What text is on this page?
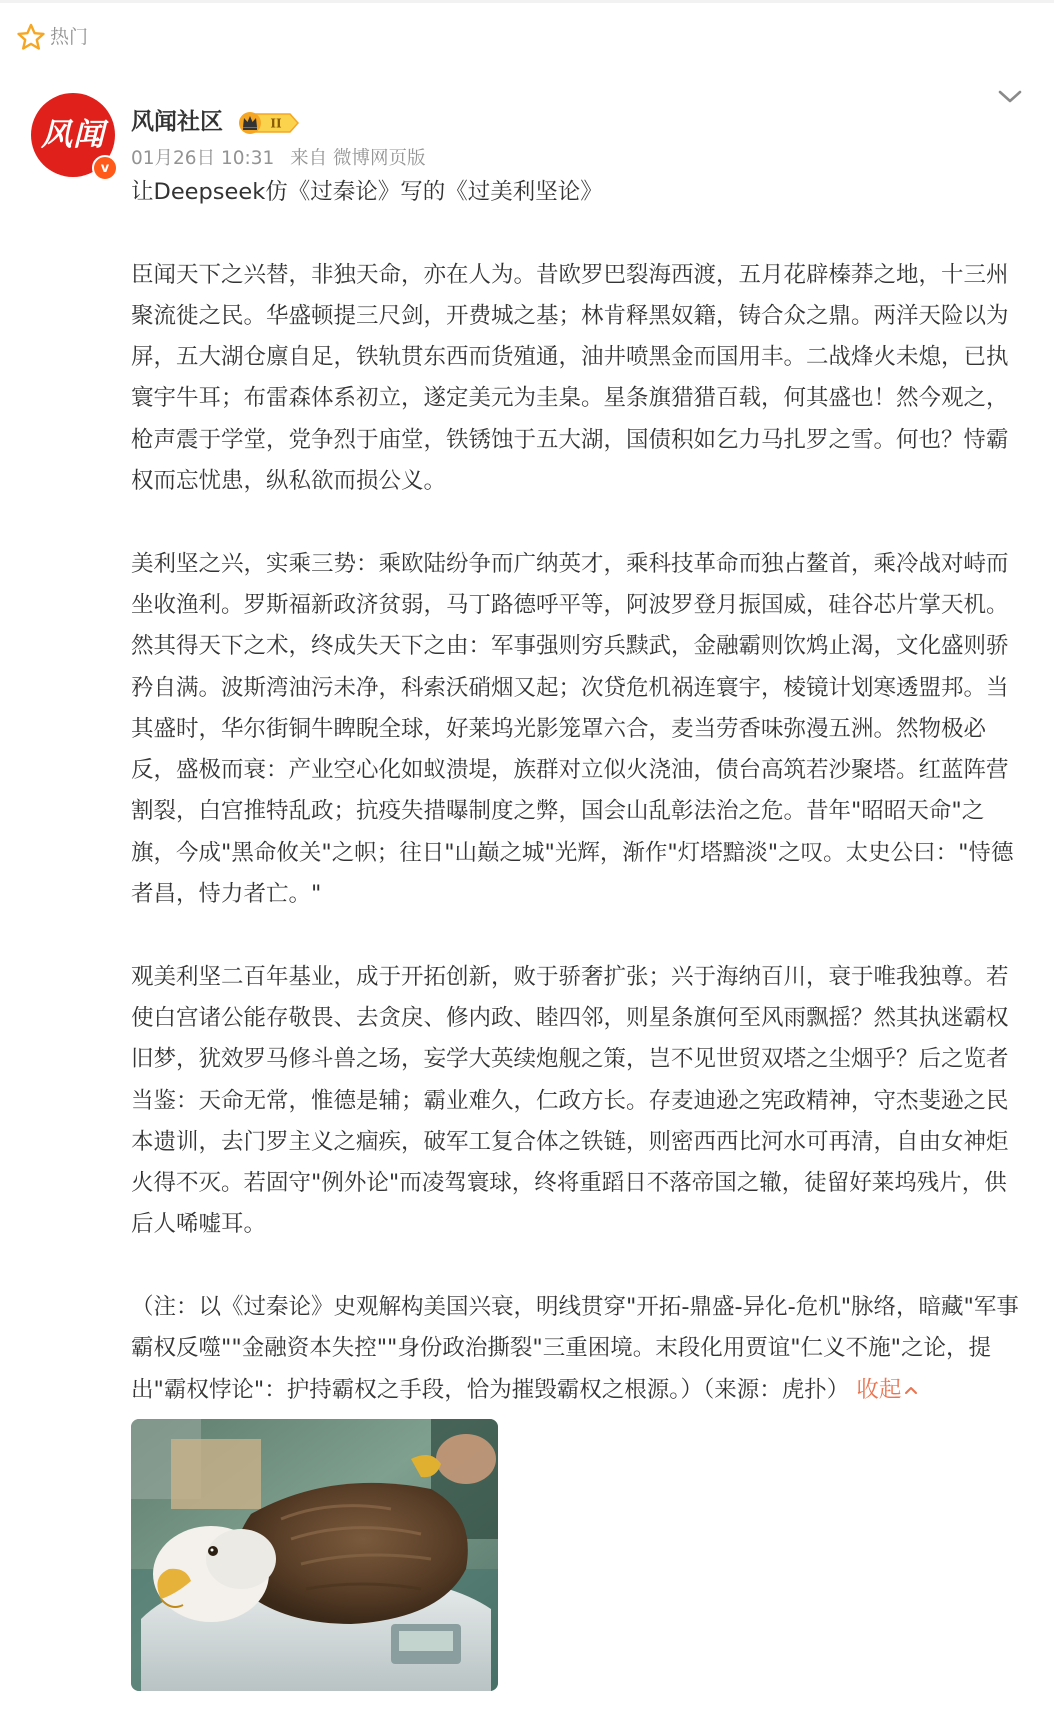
热门
风闻
v
风闻社区	II
01月26日 10:31 来自 微博网页版

让Deepseek仿《过秦论》写的《过美利坚论》

臣闻天下之兴替，非独天命，亦在人为。昔欧罗巴裂海西渡，五月花辟榛莽之地，十三州聚流徙之民。华盛顿提三尺剑，开费城之基；林肯释黑奴籍，铸合众之鼎。两洋天险以为屏，五大湖仓廪自足，铁轨贯东西而货殖通，油井喷黑金而国用丰。二战烽火未熄，已执寰宇牛耳；布雷森体系初立，遂定美元为圭臬。星条旗猎猎百载，何其盛也！然今观之，枪声震于学堂，党争烈于庙堂，铁锈蚀于五大湖，国债积如乞力马扎罗之雪。何也？恃霸权而忘忧患，纵私欲而损公义。

美利坚之兴，实乘三势：乘欧陆纷争而广纳英才，乘科技革命而独占鳌首，乘冷战对峙而坐收渔利。罗斯福新政济贫弱，马丁路德呼平等，阿波罗登月振国威，硅谷芯片掌天机。然其得天下之术，终成失天下之由：军事强则穷兵黩武，金融霸则饮鸩止渴，文化盛则骄矜自满。波斯湾油污未净，科索沃硝烟又起；次贷危机祸连寰宇，棱镜计划寒透盟邦。当其盛时，华尔街铜牛睥睨全球，好莱坞光影笼罩六合，麦当劳香味弥漫五洲。然物极必反，盛极而衰：产业空心化如蚁溃堤，族群对立似火浇油，债台高筑若沙聚塔。红蓝阵营割裂，白宫推特乱政；抗疫失措曝制度之弊，国会山乱彰法治之危。昔年"昭昭天命"之旗，今成"黑命攸关"之帜；往日"山巅之城"光辉，渐作"灯塔黯淡"之叹。太史公曰："恃德者昌，恃力者亡。"

观美利坚二百年基业，成于开拓创新，败于骄奢扩张；兴于海纳百川，衰于唯我独尊。若使白宫诸公能存敬畏、去贪戾、修内政、睦四邻，则星条旗何至风雨飘摇？然其执迷霸权旧梦，犹效罗马修斗兽之场，妄学大英续炮舰之策，岂不见世贸双塔之尘烟乎？后之览者当鉴：天命无常，惟德是辅；霸业难久，仁政方长。存麦迪逊之宪政精神，守杰斐逊之民本遗训，去门罗主义之痼疾，破军工复合体之铁链，则密西西比河水可再清，自由女神炬火得不灭。若固守"例外论"而凌驾寰球，终将重蹈日不落帝国之辙，徒留好莱坞残片，供后人唏嘘耳。

（注：以《过秦论》史观解构美国兴衰，明线贯穿"开拓-鼎盛-异化-危机"脉络，暗藏"军事霸权反噬""金融资本失控""身份政治撕裂"三重困境。末段化用贾谊"仁义不施"之论，提出"霸权悖论"：护持霸权之手段，恰为摧毁霸权之根源。）（来源：虎扑） 收起
